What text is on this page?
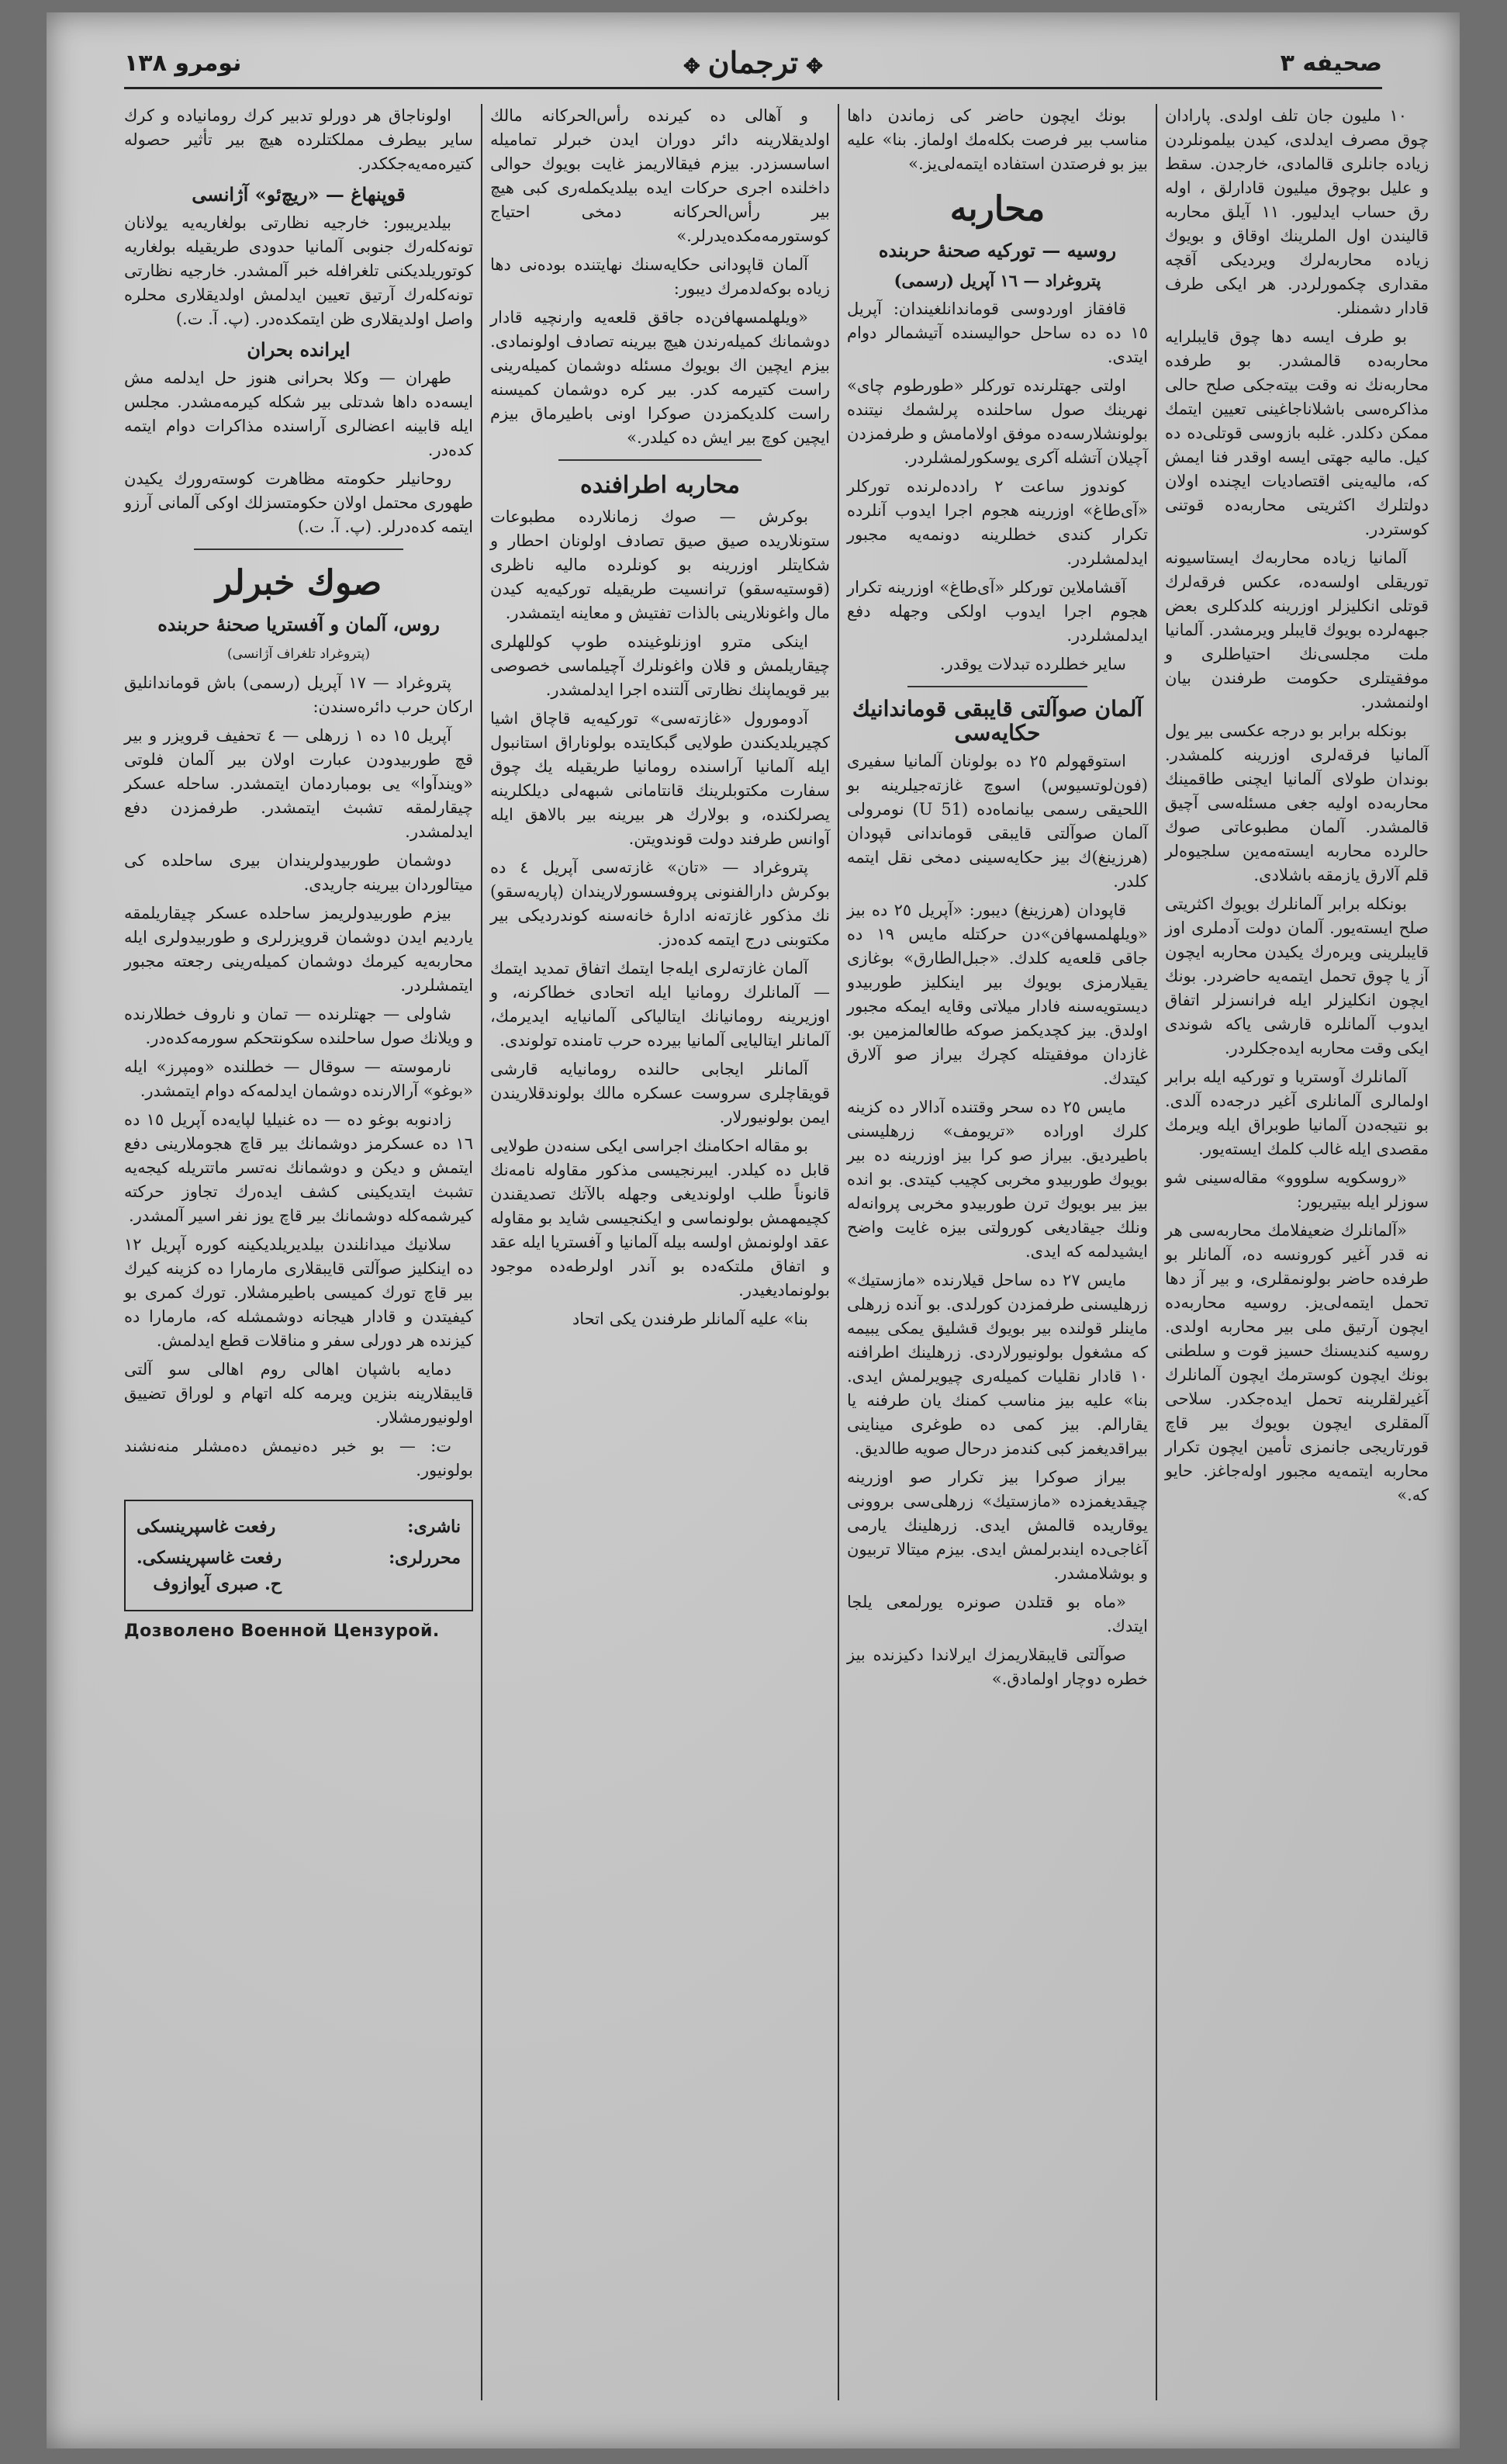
صحيفه ٣
✥ترجمان✥
نومرو ١٣٨

١٠ مليون جان تلف اولدى. پارادان چوق مصرف ايدلدى، كيدن بيلمونلردن زياده جانلرى قالمادى، خارجدن. سقط و عليل بوچوق ميليون قادارلق ، اوله رق حساب ايدليور. ١١ آيلق محاربه قاليندن اول الملرينك اوقاق و بويوك زياده محاربه‌لرك ويرديكى آقچه مقدارى چكمورلردر. هر ايكى طرف قادار دشمنلر.

بو طرف ايسه دها چوق قايبلرايه محاربه‌ده قالمشدر. بو طرفده محاربه‌نك نه وقت بيته‌جكى صلح حالى مذاكره‌سى باشلاناجاغينى تعيين ايتمك ممكن دكلدر. غلبه بازوسى قوتلى‌ده ده كيل. ماليه جهتى ايسه اوقدر فنا ايمش كه، ماليه‌ينى اقتصاديات ايچنده اولان دولتلرك اكثريتى محاربه‌ده قوتنى كوستردر.

آلمانيا زياده محاربه‌ك ايستاسيونه توريقلى اولسه‌ده، عكس فرقه‌لرك قوتلى انكليزلر اوزرينه كلدكلرى بعض جبهه‌لرده بويوك قايبلر ويرمشدر. آلمانيا ملت مجلسى‌نك احتياطلرى و موفقيتلرى حكومت طرفندن بيان اولنمشدر.

بونكله برابر بو درجه عكسى بير يول آلمانيا فرقه‌لرى اوزرينه كلمشدر. بوندان طولاى آلمانيا ايچنى طاقمينك محاربه‌ده اوليه جغى مسئله‌سى آچيق قالمشدر. آلمان مطبوعاتى صوك حالرده محاربه ايسته‌مه‌ين سلجيوه‌لر قلم آلارق يازمقه باشلادى.

بونكله برابر آلمانلرك بويوك اكثريتى صلح ايسته‌يور. آلمان دولت آدملرى اوز قايبلرينى ويره‌رك يكيدن محاربه ايچون آز يا چوق تحمل ايتمه‌يه حاضردر. بونك ايچون انكليزلر ايله فرانسزلر اتفاق ايدوب آلمانلره قارشى ياكه شوندى ايكى وقت محاربه ايده‌جكلردر.

آلمانلرك آوستريا و توركيه ايله برابر اولمالرى آلمانلرى آغير درجه‌ده آلدى. بو نتيجه‌دن آلمانيا طوبراق ايله ويرمك مقصدى ايله غالب كلمك ايسته‌يور.

«روسكويه سلووو» مقاله‌سينى شو سوزلر ايله بيتيريور:

«آلمانلرك ضعيفلامك محاربه‌سى هر نه قدر آغير كورونسه ده، آلمانلر بو طرفده حاضر بولونمقلرى، و بير آز دها تحمل ايتمه‌لى‌يز. روسيه محاربه‌ده ايچون آرتيق ملى بير محاربه اولدى. روسيه كنديسنك حسيز قوت و سلطنى بونك ايچون كوسترمك ايچون آلمانلرك آغيرلقلرينه تحمل ايده‌جكدر. سلاحى آلمقلرى ايچون بويوك بير قاچ قورتاريجى جانمزى تأمين ايچون تكرار محاربه ايتمه‌يه مجبور اوله‌جاغز. حايو كه.»

بونك ايچون حاضر كى زماندن داها مناسب بير فرصت بكله‌مك اولماز. بنا» عليه بيز بو فرصتدن استفاده ايتمه‌لى‌يز.»

محاربه
روسيه — توركيه صحنهٔ حربنده
پتروغراد — ١٦ آپريل (رسمى)

قافقاز اوردوسى قوماندانلغيندان: آپريل ١٥ ده ده ساحل حواليسنده آتيشمالر دوام ايتدى.

اولتى جهتلرنده توركلر «طورطوم چاى» نهرينك صول ساحلنده پرلشمك نيتنده بولونشلارسه‌ده موفق اولامامش و طرفمزدن آچيلان آتشله آ‌كرى يوسكورلمشلردر.

كوندوز ساعت ٢ رادده‌لرنده توركلر «آى‌طاغ» اوزرينه هجوم اجرا ايدوب آنلرده تكرار كندى خطلرينه دونمه‌يه مجبور ايدلمشلردر.

آقشاملاين توركلر «آى‌طاغ» اوزرينه تكرار هجوم اجرا ايدوب اولكى وجهله دفع ايدلمشلردر.

ساير خطلرده تبدلات يوقدر.

آلمان صوآلتى قايبقى قوماندانيك حكايه‌سى

استوقهولم ٢٥ ده بولونان آلمانيا سفيرى (فون‌لوتسيوس) اسوچ غازته‌جيلرينه بو اللحيقى رسمى بيانماه‌ده (U 51) نومرولى آلمان صوآلتى قايبقى قوماندانى قپودان (هرزينغ)ك بيز حكايه‌سينى دمخى نقل ايتمه كلدر.

قاپودان (هرزينغ) ديبور: «آپريل ٢٥ ده بيز «ويلهلمسهافن»دن حركتله مايس ١٩ ده جاقى قلعه‌يه كلدك. «جبل‌الطارق» بوغازى يقيلارمزى بويوك بير اينكليز طوربيدو ديستويه‌سنه فادار ميلاتى وقايه ايمكه مجبور اولدق. بيز كچديكمز صوكه طالعالمزمين بو. غازدان موفقيتله كچرك بيراز صو آلارق كيتدك.

مايس ٢٥ ده سحر وقتنده آدالار ده كزينه كلرك اوراده «تريومف» زرهليسنى باطيرديق. بيراز صو كرا بيز اوزرينه ده بير بويوك طوربيدو مخربى كچيب كيتدى. بو انده بيز بير بويوك ترن طوربيدو مخربى پروانه‌له ونلك جيقاديغى كورولتى بيزه غايت واضح ايشيدلمه كه ايدى.

مايس ٢٧ ده ساحل قيلارنده «مازستيك» زرهليسنى طرفمزدن كورلدى. بو آنده زرهلى ماينلر قولنده بير بويوك قشليق يمكى يبيمه كه مشغول بولونيورلاردى. زرهلينك اطرافنه ١٠ قادار نقليات كميله‌رى چيويرلمش ايدى. بنا» عليه بيز مناسب كمنك يان طرفنه يا يقارالم. بيز كمى ده طوغرى ميناينى بيراقديغمز كبى كندمز درحال صويه طالديق.

بيراز صوكرا بيز تكرار صو اوزرينه چيقديغمزده «مازستيك» زرهلى‌سى بروونى يوقاريده قالمش ايدى. زرهلينك يارمى آغاجى‌ده ايندبرلمش ايدى. بيزم ميتالا تربيون و بوشلامشدر.

«ماه بو قتلدن صونره يورلمعى يلجا ايتدك.

صوآلتى قايبقلاريمزك ايرلاندا دكيزنده بيز خطره دوچار اولمادق.»

و آهالى ده كيرنده رأس‌الحركانه مالك اولديقلارينه دائر دوران ايدن خبرلر تماميله اساسسزدر. بيزم فيقالاريمز غايت بويوك حوالى داخلنده اجرى حركات ايده بيلديكمله‌رى كبى هيچ بير رأس‌الحركانه دمخى احتياج كوستورمه‌مكده‌يدرلر.»

آلمان قاپودانى حكايه‌سنك نهايتنده بوده‌نى دها زياده بوكه‌لدمرك ديبور:

«ويلهلمسهافن‌ده جاقق قلعه‌يه وارنچيه قادار دوشمانك كميله‌رندن هيچ بيرينه تصادف اولونمادى. بيزم ايچين اك بويوك مسئله دوشمان كميله‌رينى راست كتيرمه كدر. بير كره دوشمان كميسنه راست كلديكمزدن صوكرا اونى باطيرماق بيزم ايچين كوچ بير ايش ده كيلدر.»

محاربه اطرافنده

بوكرش — صوك زمانلارده مطبوعات ستونلاريده صيق صيق تصادف اولونان احطار و شكايتلر اوزرينه بو كونلرده ماليه ناظرى (قوستيه‌سقو) ترانسيت طريقيله توركيه‌يه كيدن مال واغونلارينى بالذات تفتيش و معاينه ايتمشدر.

اينكى مترو اوزنلوغينده طوپ كوللهلرى چيقاريلمش و قلان واغونلرك آچيلماسى خصوصى بير قويماپنك نظارتى آلتنده اجرا ايدلمشدر.

آدومورول «غازته‌سى» توركيه‌يه قاچاق اشيا كچيريلديكندن طولايى گبكايتده بولوناراق استانبول ايله آلمانيا آراسنده رومانيا طريقيله يك چوق سفارت مكتوبلرينك قانتامانى شبهه‌لى ديلكلرينه يصرلكنده، و بولارك هر بيرينه بير بالاهق ايله آوانس طرفند دولت قوندويتن.

پتروغراد — «تان» غازته‌سى آپريل ٤ ده بوكرش دارالفنونى پروفسسورلاريندان (پاريه‌سقو) نك مذكور غازته‌نه ادارهٔ خانه‌سنه كوندرديكى بير مكتوبنى درج ايتمه كده‌دز.

آلمان غازته‌لرى ايله‌جا ايتمك اتفاق تمديد ايتمك — آلمانلرك رومانيا ايله اتحادى خطاكرنه، و اوزيرينه رومانيانك ايتالياكى آلمانيايه ايديرمك، آلمانلر ايتاليايى آلمانيا بيرده حرب تامنده تولوندى.

آلمانلر ايجابى حالنده رومانيايه قارشى قويقاچلرى سروست عسكره مالك بولوندقلاريندن ايمن بولونيورلار.

بو مقاله احكامنك اجراسى ايكى سنه‌دن طولايى قابل ده كيلدر. ايبرنجيسى مذكور مقاوله نامه‌نك قانوناً طلب اولونديغى وجهله بالآتك تصديقندن كچيمهمش بولونماسى و ايكنجيسى شايد بو مقاوله عقد اولونمش اولسه بيله آلمانيا و آفستريا ايله عقد و اتفاق ملتكه‌ده بو آندر اولرطه‌ده موجود بولونماديغيدر.

بنا» عليه آلمانلر طرفندن يكى اتحاد

اولوناجاق هر دورلو تدبير كرك رومانياده و كرك ساير بيطرف مملكتلرده هيچ بير تأثير حصوله كتيره‌مه‌يه‌جككدر.

قوپنهاغ — «ريچ‌ئو» آژانسى

بيلديريبور: خارجيه نظارتى بولغاريه‌يه يولانان تونه‌كله‌رك جنوبى آلمانيا حدودى طريقيله بولغاريه كوتوريلديكنى تلغرافله خبر آلمشدر. خارجيه نظارتى تونه‌كله‌رك آرتيق تعيين ايدلمش اولديقلارى محلره واصل اولديقلارى ظن ايتمكده‌در. (پ. آ. ت.)

ايرانده بحران

طهران — وكلا بحرانى هنوز حل ايدلمه مش ايسه‌ده داها شدتلى بير شكله كيرمه‌مشدر. مجلس ايله قابينه اعضالرى آراسنده مذاكرات دوام ايتمه كده‌در.

روحانيلر حكومته مظاهرت كوسته‌رورك يكيدن طهورى محتمل اولان حكومتسزلك اوكى آلمانى آرزو ايتمه كده‌درلر. (پ. آ. ت.)

صوك خبرلر
روس، آلمان و آفستريا صحنهٔ حربنده
(پتروغراد تلغراف آژانسى)
پتروغراد — ١٧ آپريل (رسمى) باش قوماندانليق اركان حرب دائره‌سندن:

آپريل ١٥ ده ١ زرهلى — ٤ تحفيف قرويزر و بير قچ طوربيدودن عبارت اولان بير آلمان فلوتى «ويندآوا» يى بومباردمان ايتمشدر. ساحله عسكر چيقارلمقه تشبث ايتمشدر. طرفمزدن دفع ايدلمشدر.

دوشمان طوربيدولريندان بيرى ساحلده كى ميتالوردان بيرينه جاريدى.

بيزم طوربيدولريمز ساحلده عسكر چيقاريلمقه يارديم ايدن دوشمان قرويزرلرى و طوربيدولرى ايله محاربه‌يه كيرمك دوشمان كميله‌رينى رجعته مجبور ايتمشلردر.

شاولى — جهتلرنده — تمان و ناروف خطلارنده و ويلانك صول ساحلنده سكونتحكم سورمه‌كده‌در.

نارموسته — سوقال — خطلنده «ومپرز» ايله «بوغو» آرالارنده دوشمان ايدلمه‌كه دوام ايتمشدر.

زادنوبه بوغو ده — ده غنيليا لپايه‌ده آپريل ١٥ ده ١٦ ده عسكرمز دوشمانك بير قاچ هجوملارينى دفع ايتمش و ديكن و دوشمانك نه‌تسر ماتتريله كيجه‌يه تشبث ايتديكينى كشف ايده‌رك تجاوز حركته كيرشمه‌كله دوشمانك بير قاچ يوز نفر اسير آلمشدر.

سلانيك ميدانلندن بيلديريلديكينه كوره آپريل ١٢ ده اينكليز صوآلتى قايبقلارى مارمارا ده كزينه كيرك بير قاچ تورك كميسى باطيرمشلار. تورك كمرى بو كيفيتدن و قادار هيجانه دوشمشله كه، مارمارا ده كيزنده هر دورلى سفر و مناقلات قطع ايدلمش.

دمايه باشپان اهالى روم اهالى سو آلتى قايبقلارينه بنزين ويرمه كله اتهام و لوراق تضييق اولونيورمشلار.

ت: — بو خبر ده‌نيمش ده‌مشلر منه‌نشند بولونيور.

ناشرى:
رفعت غاسپرينسكى
محررلرى:
رفعت غاسپرينسكى.
ح. صبرى آيوازوف
Дозволено Военной Цензурой.
